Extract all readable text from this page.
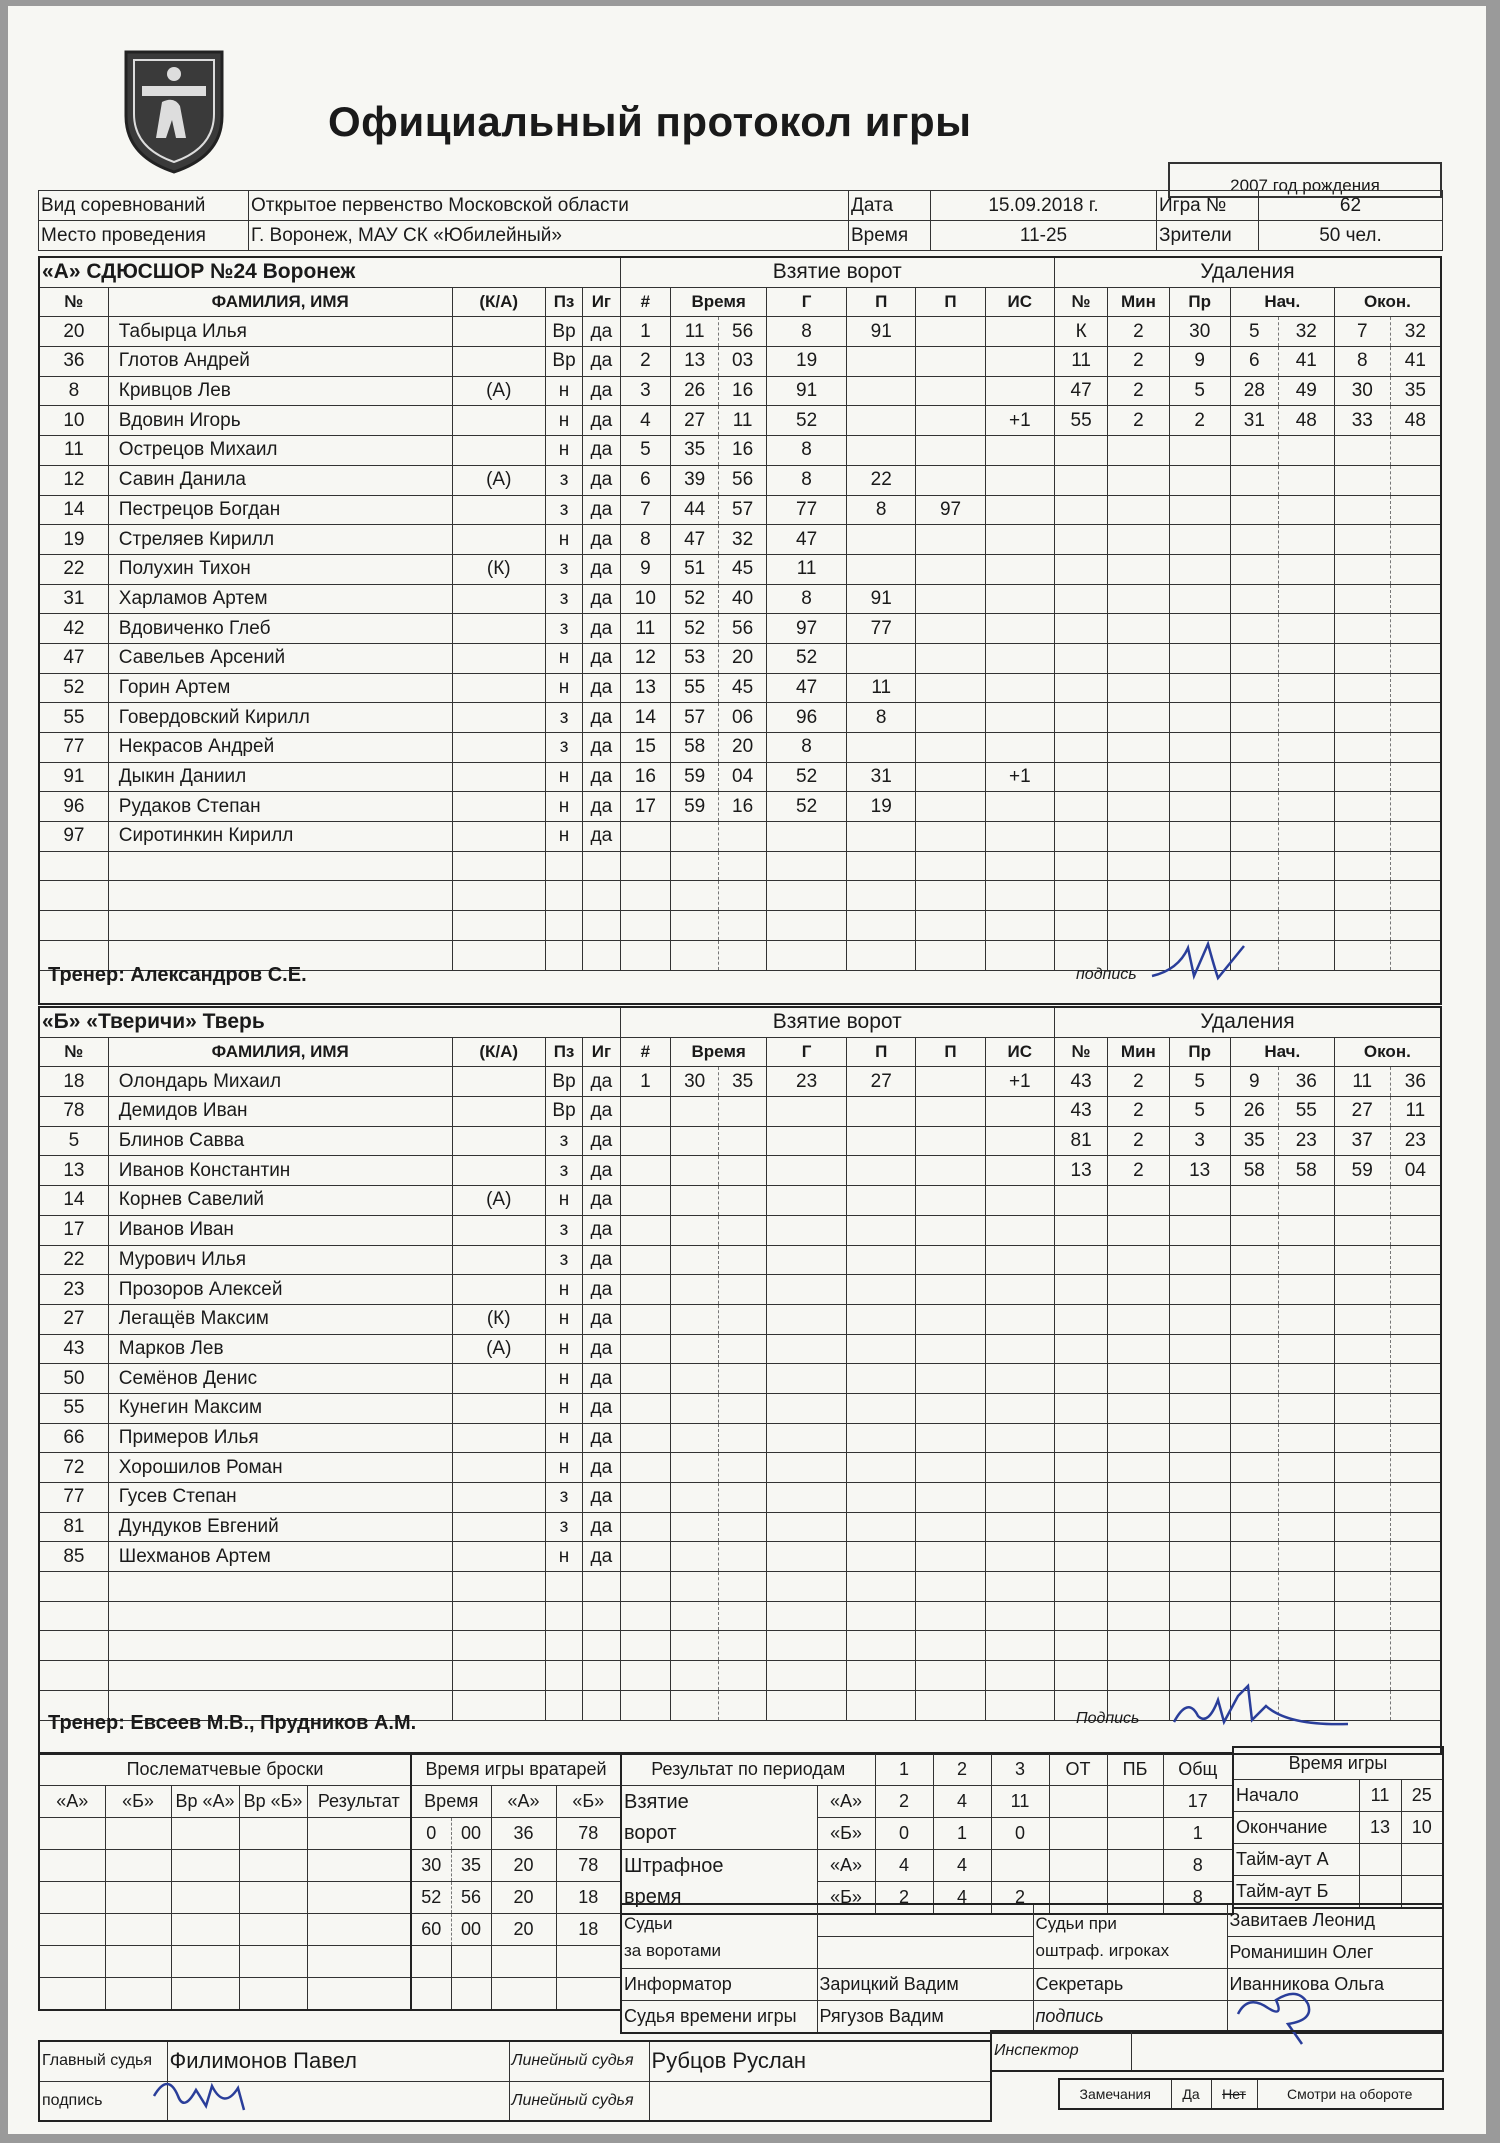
Официальный протокол игры
2007 год рождения
Вид соревнований	Открытое первенство Московской области	Дата	15.09.2018 г.	Игра №	62
Место проведения	Г. Воронеж, МАУ СК «Юбилейный»	Время	11-25	Зрители	50 чел.
«А» СДЮСШОР №24 Воронеж					Взятие ворот							Удаления						
№	ФАМИЛИЯ, ИМЯ	(К/А)	Пз	Иг	#	Время		Г	П	П	ИС	№	Мин	Пр	Нач.		Окон.	
20	Табырца Илья		Вр	да	1	11	56	8	91			К	2	30	5	32	7	32
36	Глотов Андрей		Вр	да	2	13	03	19				11	2	9	6	41	8	41
8	Кривцов Лев	(А)	н	да	3	26	16	91				47	2	5	28	49	30	35
10	Вдовин Игорь		н	да	4	27	11	52			+1	55	2	2	31	48	33	48
11	Острецов Михаил		н	да	5	35	16	8										
12	Савин Данила	(А)	з	да	6	39	56	8	22									
14	Пестрецов Богдан		з	да	7	44	57	77	8	97								
19	Стреляев Кирилл		н	да	8	47	32	47										
22	Полухин Тихон	(К)	з	да	9	51	45	11										
31	Харламов Артем		з	да	10	52	40	8	91									
42	Вдовиченко Глеб		з	да	11	52	56	97	77									
47	Савельев Арсений		н	да	12	53	20	52										
52	Горин Артем		н	да	13	55	45	47	11									
55	Говердовский Кирилл		з	да	14	57	06	96	8									
77	Некрасов Андрей		з	да	15	58	20	8										
91	Дыкин Даниил		н	да	16	59	04	52	31		+1							
96	Рудаков Степан		н	да	17	59	16	52	19									
97	Сиротинкин Кирилл		н	да														

Тренер: Александров С.Е.	подпись
«Б» «Тверичи» Тверь					Взятие ворот							Удаления						
№	ФАМИЛИЯ, ИМЯ	(К/А)	Пз	Иг	#	Время		Г	П	П	ИС	№	Мин	Пр	Нач.		Окон.	
18	Олондарь Михаил		Вр	да	1	30	35	23	27		+1	43	2	5	9	36	11	36
78	Демидов Иван		Вр	да								43	2	5	26	55	27	11
5	Блинов Савва		з	да								81	2	3	35	23	37	23
13	Иванов Константин		з	да								13	2	13	58	58	59	04
14	Корнев Савелий	(А)	н	да														
17	Иванов Иван		з	да														
22	Мурович Илья		з	да														
23	Прозоров Алексей		н	да														
27	Легащёв Максим	(К)	н	да														
43	Марков Лев	(А)	н	да														
50	Семёнов Денис		н	да														
55	Кунегин Максим		н	да														
66	Примеров Илья		н	да														
72	Хорошилов Роман		н	да														
77	Гусев Степан		з	да														
81	Дундуков Евгений		з	да														
85	Шехманов Артем		н	да														

Тренер: Евсеев М.В., Прудников А.М.	Подпись
Послематчевые броски				
«А»	«Б»	Вр «А»	Вр «Б»	Результат

Время игры вратарей			
Время		«А»	«Б»
0	00	36	78
30	35	20	78
52	56	20	18
60	00	20	18

Результат по периодам		1	2	3	ОТ	ПБ	Общ
Взятие
ворот	«А»	2	4	11			17
	«Б»	0	1	0			1
Штрафное
время	«А»	4	4				8
	«Б»	2	4	2			8
Время игры		
Начало	11	25
Окончание	13	10
Тайм-аут А		
Тайм-аут Б		
Судьи
за воротами		Судьи при
оштраф. игроках	Завитаев Леонид
			Романишин Олег
Информатор	Зарицкий Вадим	Секретарь	Иванникова Ольга
Судья времени игры	Рягузов Вадим	подпись	
Главный судья	Филимонов Павел	Линейный судья	Рубцов Руслан
подпись		Линейный судья	
Инспектор	
Замечания	Да	Нет	Смотри на обороте
